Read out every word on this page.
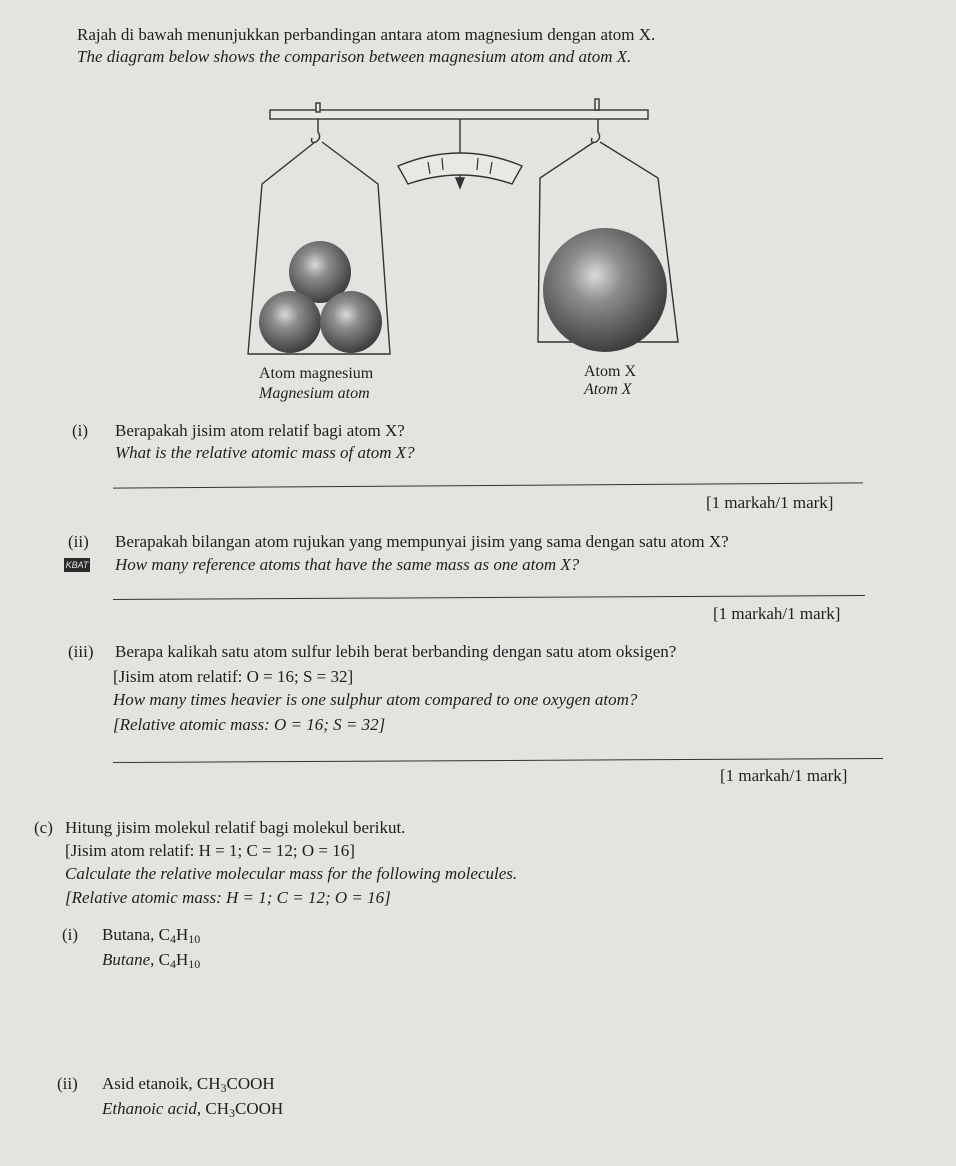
Rajah di bawah menunjukkan perbandingan antara atom magnesium dengan atom X.
The diagram below shows the comparison between magnesium atom and atom X.
Atom magnesium
Magnesium atom
Atom X
Atom X
(i) Berapakah jisim atom relatif bagi atom X?
What is the relative atomic mass of atom X?
[1 markah/1 mark]
(ii) Berapakah bilangan atom rujukan yang mempunyai jisim yang sama dengan satu atom X?
KBAT How many reference atoms that have the same mass as one atom X?
[1 markah/1 mark]
(iii) Berapa kalikah satu atom sulfur lebih berat berbanding dengan satu atom oksigen?
[Jisim atom relatif: O = 16; S = 32]
How many times heavier is one sulphur atom compared to one oxygen atom?
[Relative atomic mass: O = 16; S = 32]
[1 markah/1 mark]
(c) Hitung jisim molekul relatif bagi molekul berikut.
[Jisim atom relatif: H = 1; C = 12; O = 16]
Calculate the relative molecular mass for the following molecules.
[Relative atomic mass: H = 1; C = 12; O = 16]
(i) Butana, $C_4H_{10}$
Butane, $C_4H_{10}$
(ii) Asid etanoik, $CH_3COOH$
Ethanoic acid, $CH_3COOH$
